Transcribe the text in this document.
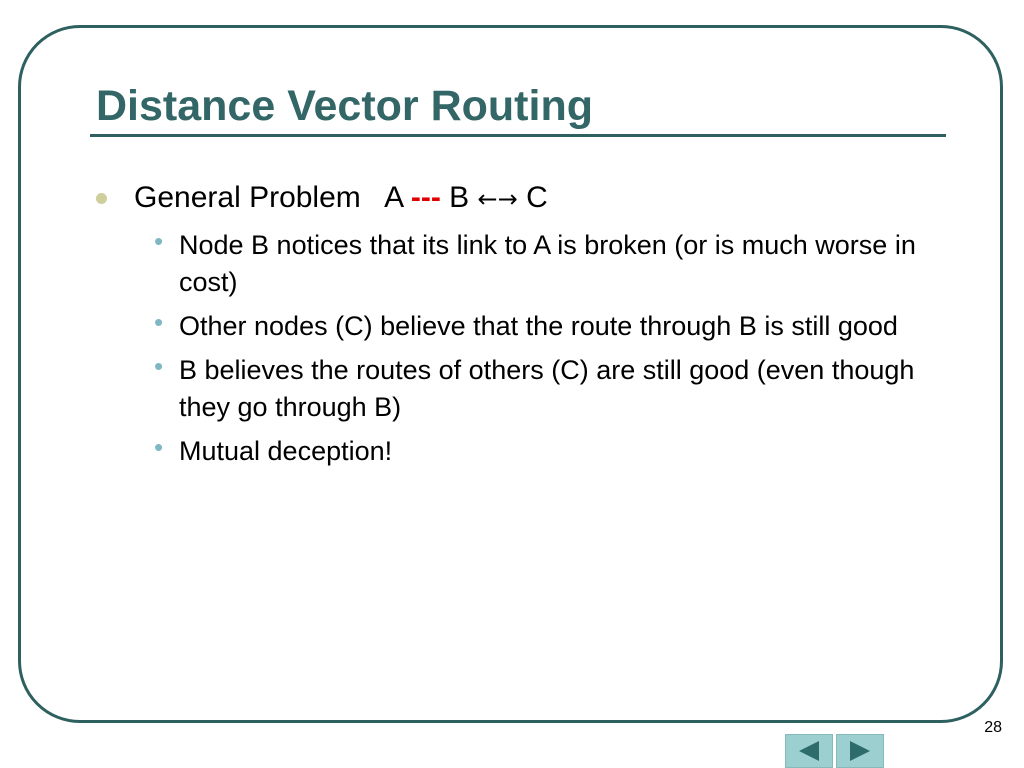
Distance Vector Routing
General Problem A --- B ←→ C
• Node B notices that its link to A is broken (or is much worse in cost)
• Other nodes (C) believe that the route through B is still good
• B believes the routes of others (C) are still good (even though they go through B)
• Mutual deception!
28
